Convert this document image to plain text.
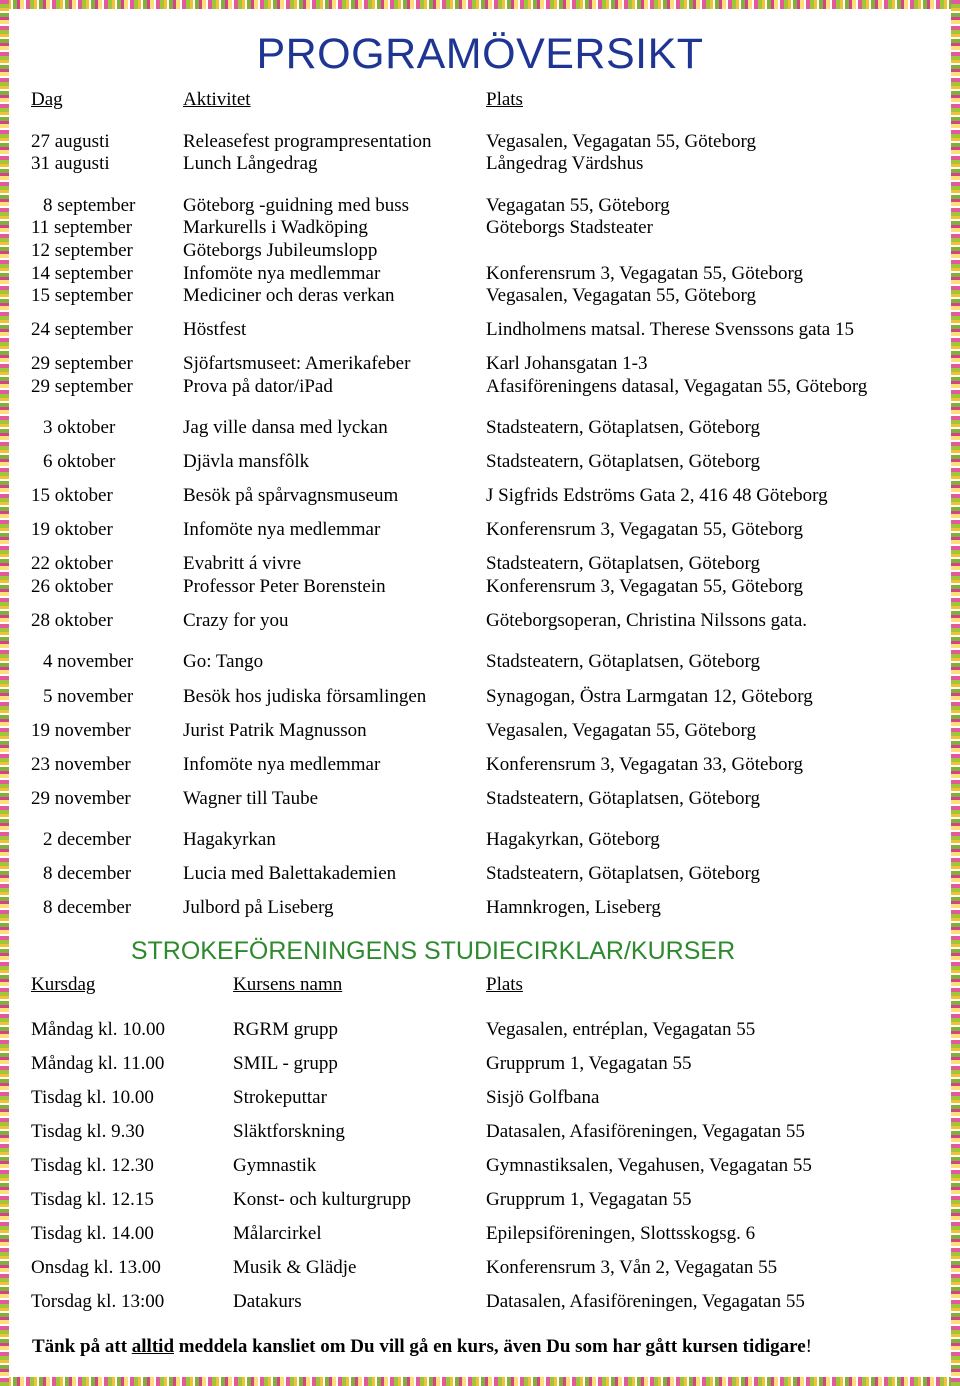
PROGRAMÖVERSIKT
Dag	Aktivitet	Plats
27 augusti	Releasefest programpresentation	Vegasalen, Vegagatan 55, Göteborg
31 augusti	Lunch Långedrag	Långedrag Värdshus
8 september	Göteborg -guidning med buss	Vegagatan 55, Göteborg
11 september	Markurells i Wadköping	Göteborgs Stadsteater
12 september	Göteborgs Jubileumslopp
14 september	Infomöte nya medlemmar	Konferensrum 3, Vegagatan 55, Göteborg
15 september	Mediciner och deras verkan	Vegasalen, Vegagatan 55, Göteborg
24 september	Höstfest	Lindholmens matsal. Therese Svenssons gata 15
29 september	Sjöfartsmuseet: Amerikafeber	Karl Johansgatan 1-3
29 september	Prova på dator/iPad	Afasiföreningens datasal, Vegagatan 55, Göteborg
3 oktober	Jag ville dansa med lyckan	Stadsteatern, Götaplatsen, Göteborg
6 oktober	Djävla mansfôlk	Stadsteatern, Götaplatsen, Göteborg
15 oktober	Besök på spårvagnsmuseum	J Sigfrids Edströms Gata 2, 416 48 Göteborg
19 oktober	Infomöte nya medlemmar	Konferensrum 3, Vegagatan 55, Göteborg
22 oktober	Evabritt á vivre	Stadsteatern, Götaplatsen, Göteborg
26 oktober	Professor Peter Borenstein	Konferensrum 3, Vegagatan 55, Göteborg
28 oktober	Crazy for you	Göteborgsoperan, Christina Nilssons gata.
4 november	Go: Tango	Stadsteatern, Götaplatsen, Göteborg
5 november	Besök hos judiska församlingen	Synagogan, Östra Larmgatan 12, Göteborg
19 november	Jurist Patrik Magnusson	Vegasalen, Vegagatan 55, Göteborg
23 november	Infomöte nya medlemmar	Konferensrum 3, Vegagatan 33, Göteborg
29 november	Wagner till Taube	Stadsteatern, Götaplatsen, Göteborg
2 december	Hagakyrkan	Hagakyrkan, Göteborg
8 december	Lucia med Balettakademien	Stadsteatern, Götaplatsen, Göteborg
8 december	Julbord på Liseberg	Hamnkrogen, Liseberg
STROKEFÖRENINGENS STUDIECIRKLAR/KURSER
Kursdag	Kursens namn	Plats
Måndag kl. 10.00	RGRM grupp	Vegasalen, entréplan, Vegagatan 55
Måndag kl. 11.00	SMIL - grupp	Grupprum 1, Vegagatan 55
Tisdag kl. 10.00	Strokeputtar	Sisjö Golfbana
Tisdag kl. 9.30	Släktforskning	Datasalen, Afasiföreningen, Vegagatan 55
Tisdag kl. 12.30	Gymnastik	Gymnastiksalen, Vegahusen, Vegagatan 55
Tisdag kl. 12.15	Konst- och kulturgrupp	Grupprum 1, Vegagatan 55
Tisdag kl. 14.00	Målarcirkel	Epilepsiföreningen, Slottsskogsg. 6
Onsdag kl. 13.00	Musik & Glädje	Konferensrum 3, Vån 2, Vegagatan 55
Torsdag kl. 13:00	Datakurs	Datasalen, Afasiföreningen, Vegagatan 55
Tänk på att alltid meddela kansliet om Du vill gå en kurs, även Du som har gått kursen tidigare!
